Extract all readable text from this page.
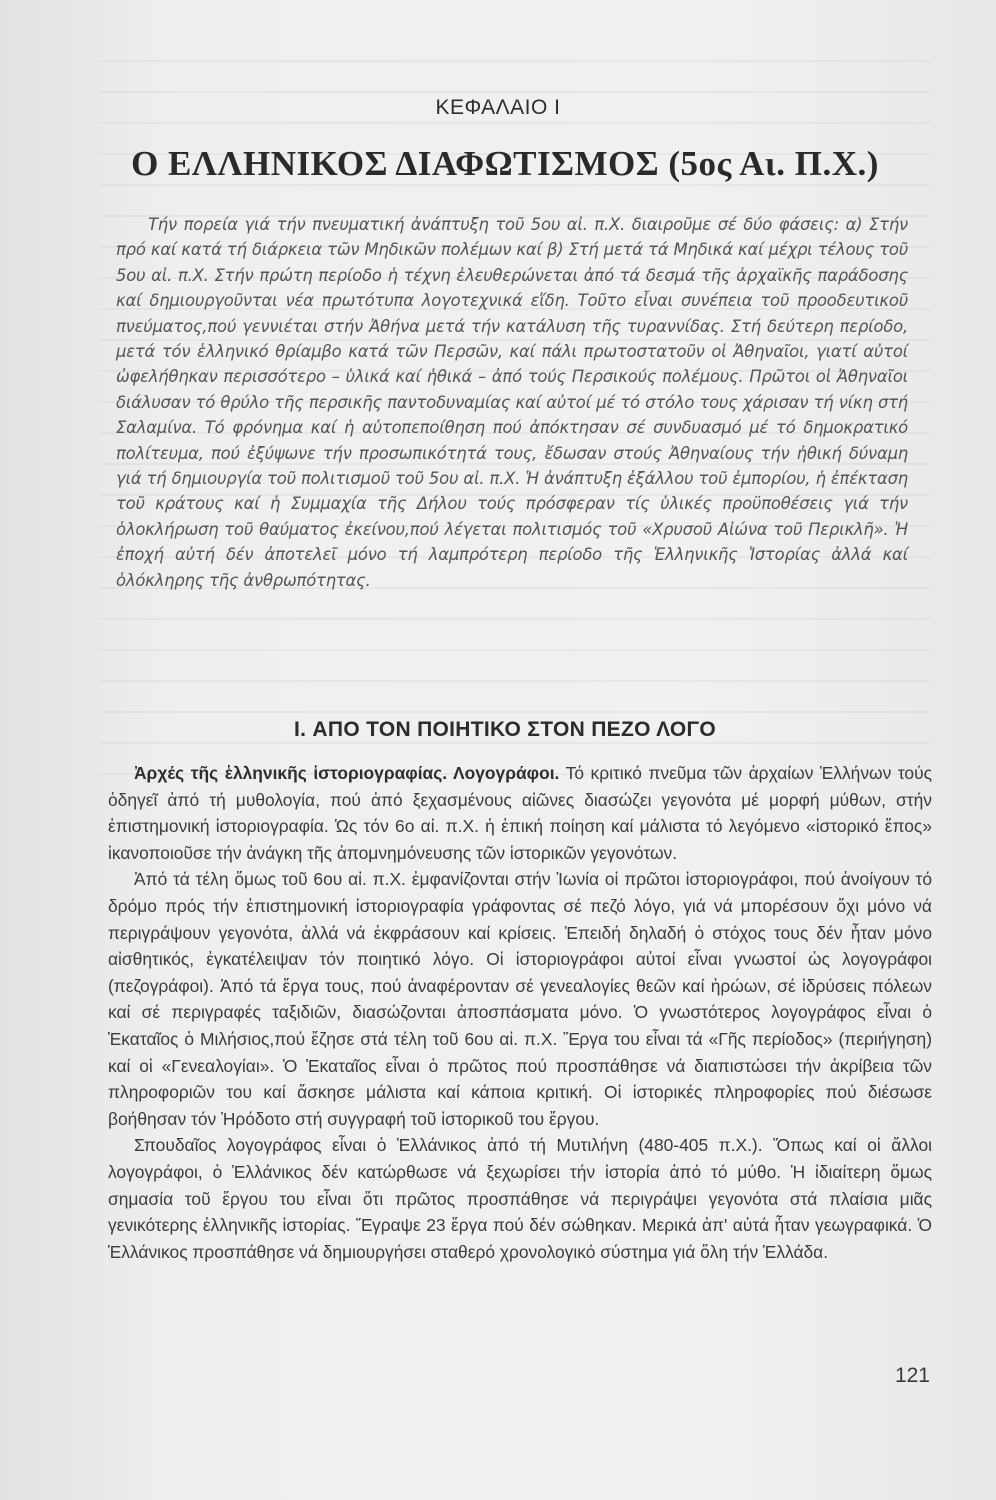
ΚΕΦΑΛΑΙΟ I
Ο ΕΛΛΗΝΙΚΟΣ ΔΙΑΦΩΤΙΣΜΟΣ (5ος Αι. Π.Χ.)
Τήν πορεία γιά τήν πνευματική ἀνάπτυξη τοῦ 5ου αἰ. π.Χ. διαιροῦμε σέ δύο φάσεις: α) Στήν πρό καί κατά τή διάρκεια τῶν Μηδικῶν πολέμων καί β) Στή μετά τά Μηδικά καί μέχρι τέλους τοῦ 5ου αἰ. π.Χ. Στήν πρώτη περίοδο ἡ τέχνη ἐλευθερώνεται ἀπό τά δεσμά τῆς ἀρχαϊκῆς παράδοσης καί δημιουργοῦνται νέα πρωτότυπα λογοτεχνικά εἴδη. Τοῦτο εἶναι συνέπεια τοῦ προοδευτικοῦ πνεύματος,πού γεννιέται στήν Ἀθήνα μετά τήν κατάλυση τῆς τυραννίδας. Στή δεύτερη περίοδο, μετά τόν ἑλληνικό θρίαμβο κατά τῶν Περσῶν, καί πάλι πρωτοστατοῦν οἱ Ἀθηναῖοι, γιατί αὐτοί ὠφελήθηκαν περισσότερο – ὑλικά καί ἠθικά – ἀπό τούς Περσικούς πολέμους. Πρῶτοι οἱ Ἀθηναῖοι διάλυσαν τό θρύλο τῆς περσικῆς παντοδυναμίας καί αὐτοί μέ τό στόλο τους χάρισαν τή νίκη στή Σαλαμίνα. Τό φρόνημα καί ἡ αὐτοπεποίθηση πού ἀπόκτησαν σέ συνδυασμό μέ τό δημοκρατικό πολίτευμα, πού ἐξύψωνε τήν προσωπικότητά τους, ἔδωσαν στούς Ἀθηναίους τήν ἠθική δύναμη γιά τή δημιουργία τοῦ πολιτισμοῦ τοῦ 5ου αἰ. π.Χ. Ἡ ἀνάπτυξη ἐξάλλου τοῦ ἐμπορίου, ἡ ἐπέκταση τοῦ κράτους καί ἡ Συμμαχία τῆς Δήλου τούς πρόσφεραν τίς ὑλικές προϋποθέσεις γιά τήν ὁλοκλήρωση τοῦ θαύματος ἐκείνου,πού λέγεται πολιτισμός τοῦ «Χρυσοῦ Αἰώνα τοῦ Περικλῆ». Ἡ ἐποχή αὐτή δέν ἀποτελεῖ μόνο τή λαμπρότερη περίοδο τῆς Ἑλληνικῆς Ἱστορίας ἀλλά καί ὁλόκληρης τῆς ἀνθρωπότητας.
I. ΑΠΟ ΤΟΝ ΠΟΙΗΤΙΚΟ ΣΤΟΝ ΠΕΖΟ ΛΟΓΟ

Ἀρχές τῆς ἑλληνικῆς ἱστοριογραφίας. Λογογράφοι. Τό κριτικό πνεῦμα τῶν ἀρχαίων Ἑλλήνων τούς ὁδηγεῖ ἀπό τή μυθολογία, πού ἀπό ξεχασμένους αἰῶνες διασώζει γεγονότα μέ μορφή μύθων, στήν ἐπιστημονική ἱστοριογραφία. Ὡς τόν 6ο αἰ. π.Χ. ἡ ἐπική ποίηση καί μάλιστα τό λεγόμενο «ἱστορικό ἔπος» ἱκανοποιοῦσε τήν ἀνάγκη τῆς ἀπομνημόνευσης τῶν ἱστορικῶν γεγονότων.

Ἀπό τά τέλη ὅμως τοῦ 6ου αἰ. π.Χ. ἐμφανίζονται στήν Ἰωνία οἱ πρῶτοι ἱστοριογράφοι, πού ἀνοίγουν τό δρόμο πρός τήν ἐπιστημονική ἱστοριογραφία γράφοντας σέ πεζό λόγο, γιά νά μπορέσουν ὄχι μόνο νά περιγράψουν γεγονότα, ἀλλά νά ἐκφράσουν καί κρίσεις. Ἐπειδή δηλαδή ὁ στόχος τους δέν ἦταν μόνο αἰσθητικός, ἐγκατέλειψαν τόν ποιητικό λόγο. Οἱ ἱστοριογράφοι αὐτοί εἶναι γνωστοί ὡς λογογράφοι (πεζογράφοι). Ἀπό τά ἔργα τους, πού ἀναφέρονταν σέ γενεαλογίες θεῶν καί ἡρώων, σέ ἱδρύσεις πόλεων καί σέ περιγραφές ταξιδιῶν, διασώζονται ἀποσπάσματα μόνο. Ὁ γνωστότερος λογογράφος εἶναι ὁ Ἑκαταῖος ὁ Μιλήσιος,πού ἔζησε στά τέλη τοῦ 6ου αἰ. π.Χ. Ἔργα του εἶναι τά «Γῆς περίοδος» (περιήγηση) καί οἱ «Γενεαλογίαι». Ὁ Ἑκαταῖος εἶναι ὁ πρῶτος πού προσπάθησε νά διαπιστώσει τήν ἀκρίβεια τῶν πληροφοριῶν του καί ἄσκησε μάλιστα καί κάποια κριτική. Οἱ ἱστορικές πληροφορίες πού διέσωσε βοήθησαν τόν Ἡρόδοτο στή συγγραφή τοῦ ἱστορικοῦ του ἔργου.

Σπουδαῖος λογογράφος εἶναι ὁ Ἑλλάνικος ἀπό τή Μυτιλήνη (480-405 π.Χ.). Ὅπως καί οἱ ἄλλοι λογογράφοι, ὁ Ἑλλάνικος δέν κατώρθωσε νά ξεχωρίσει τήν ἱστορία ἀπό τό μύθο. Ἡ ἰδιαίτερη ὅμως σημασία τοῦ ἔργου του εἶναι ὅτι πρῶτος προσπάθησε νά περιγράψει γεγονότα στά πλαίσια μιᾶς γενικότερης ἑλληνικῆς ἱστορίας. Ἔγραψε 23 ἔργα πού δέν σώθηκαν. Μερικά ἀπ' αὐτά ἦταν γεωγραφικά. Ὁ Ἑλλάνικος προσπάθησε νά δημιουργήσει σταθερό χρονολογικό σύστημα γιά ὅλη τήν Ἑλλάδα.

121
